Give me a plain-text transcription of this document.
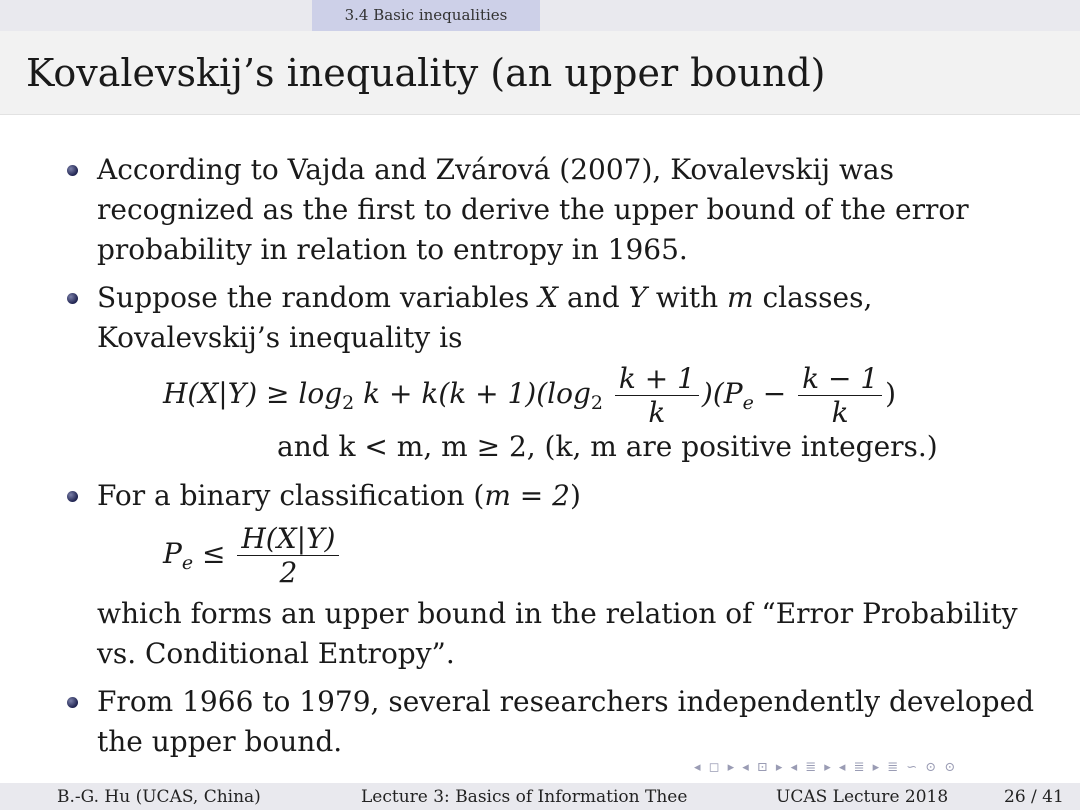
3.4 Basic inequalities
Kovalevskij’s inequality (an upper bound)
According to Vajda and Zvárová (2007), Kovalevskij was
recognized as the first to derive the upper bound of the error
probability in relation to entropy in 1965.
Suppose the random variables X and Y with m classes,
Kovalevskij’s inequality is
$H(X|Y) \ge \log_2 k + k(k + 1)(\log_2 \frac{k + 1}{k} )(P_e - \frac{k - 1}{k}$ )
and k < m, m ≥ 2, (k, m are positive integers.)
For a binary classification (m = 2)
$P_e \le \frac{H(X|Y)}{2}$
which forms an upper bound in the relation of “Error Probability
vs. Conditional Entropy”.
From 1966 to 1979, several researchers independently developed
the upper bound.
◂ ◻ ▸ ◂ ⊡ ▸ ◂ ≣ ▸ ◂ ≣ ▸ ≣ ∽ ⊙ ⊙
B.-G. Hu (UCAS, China)	Lecture 3: Basics of Information Thee	UCAS Lecture 2018	26 / 41
